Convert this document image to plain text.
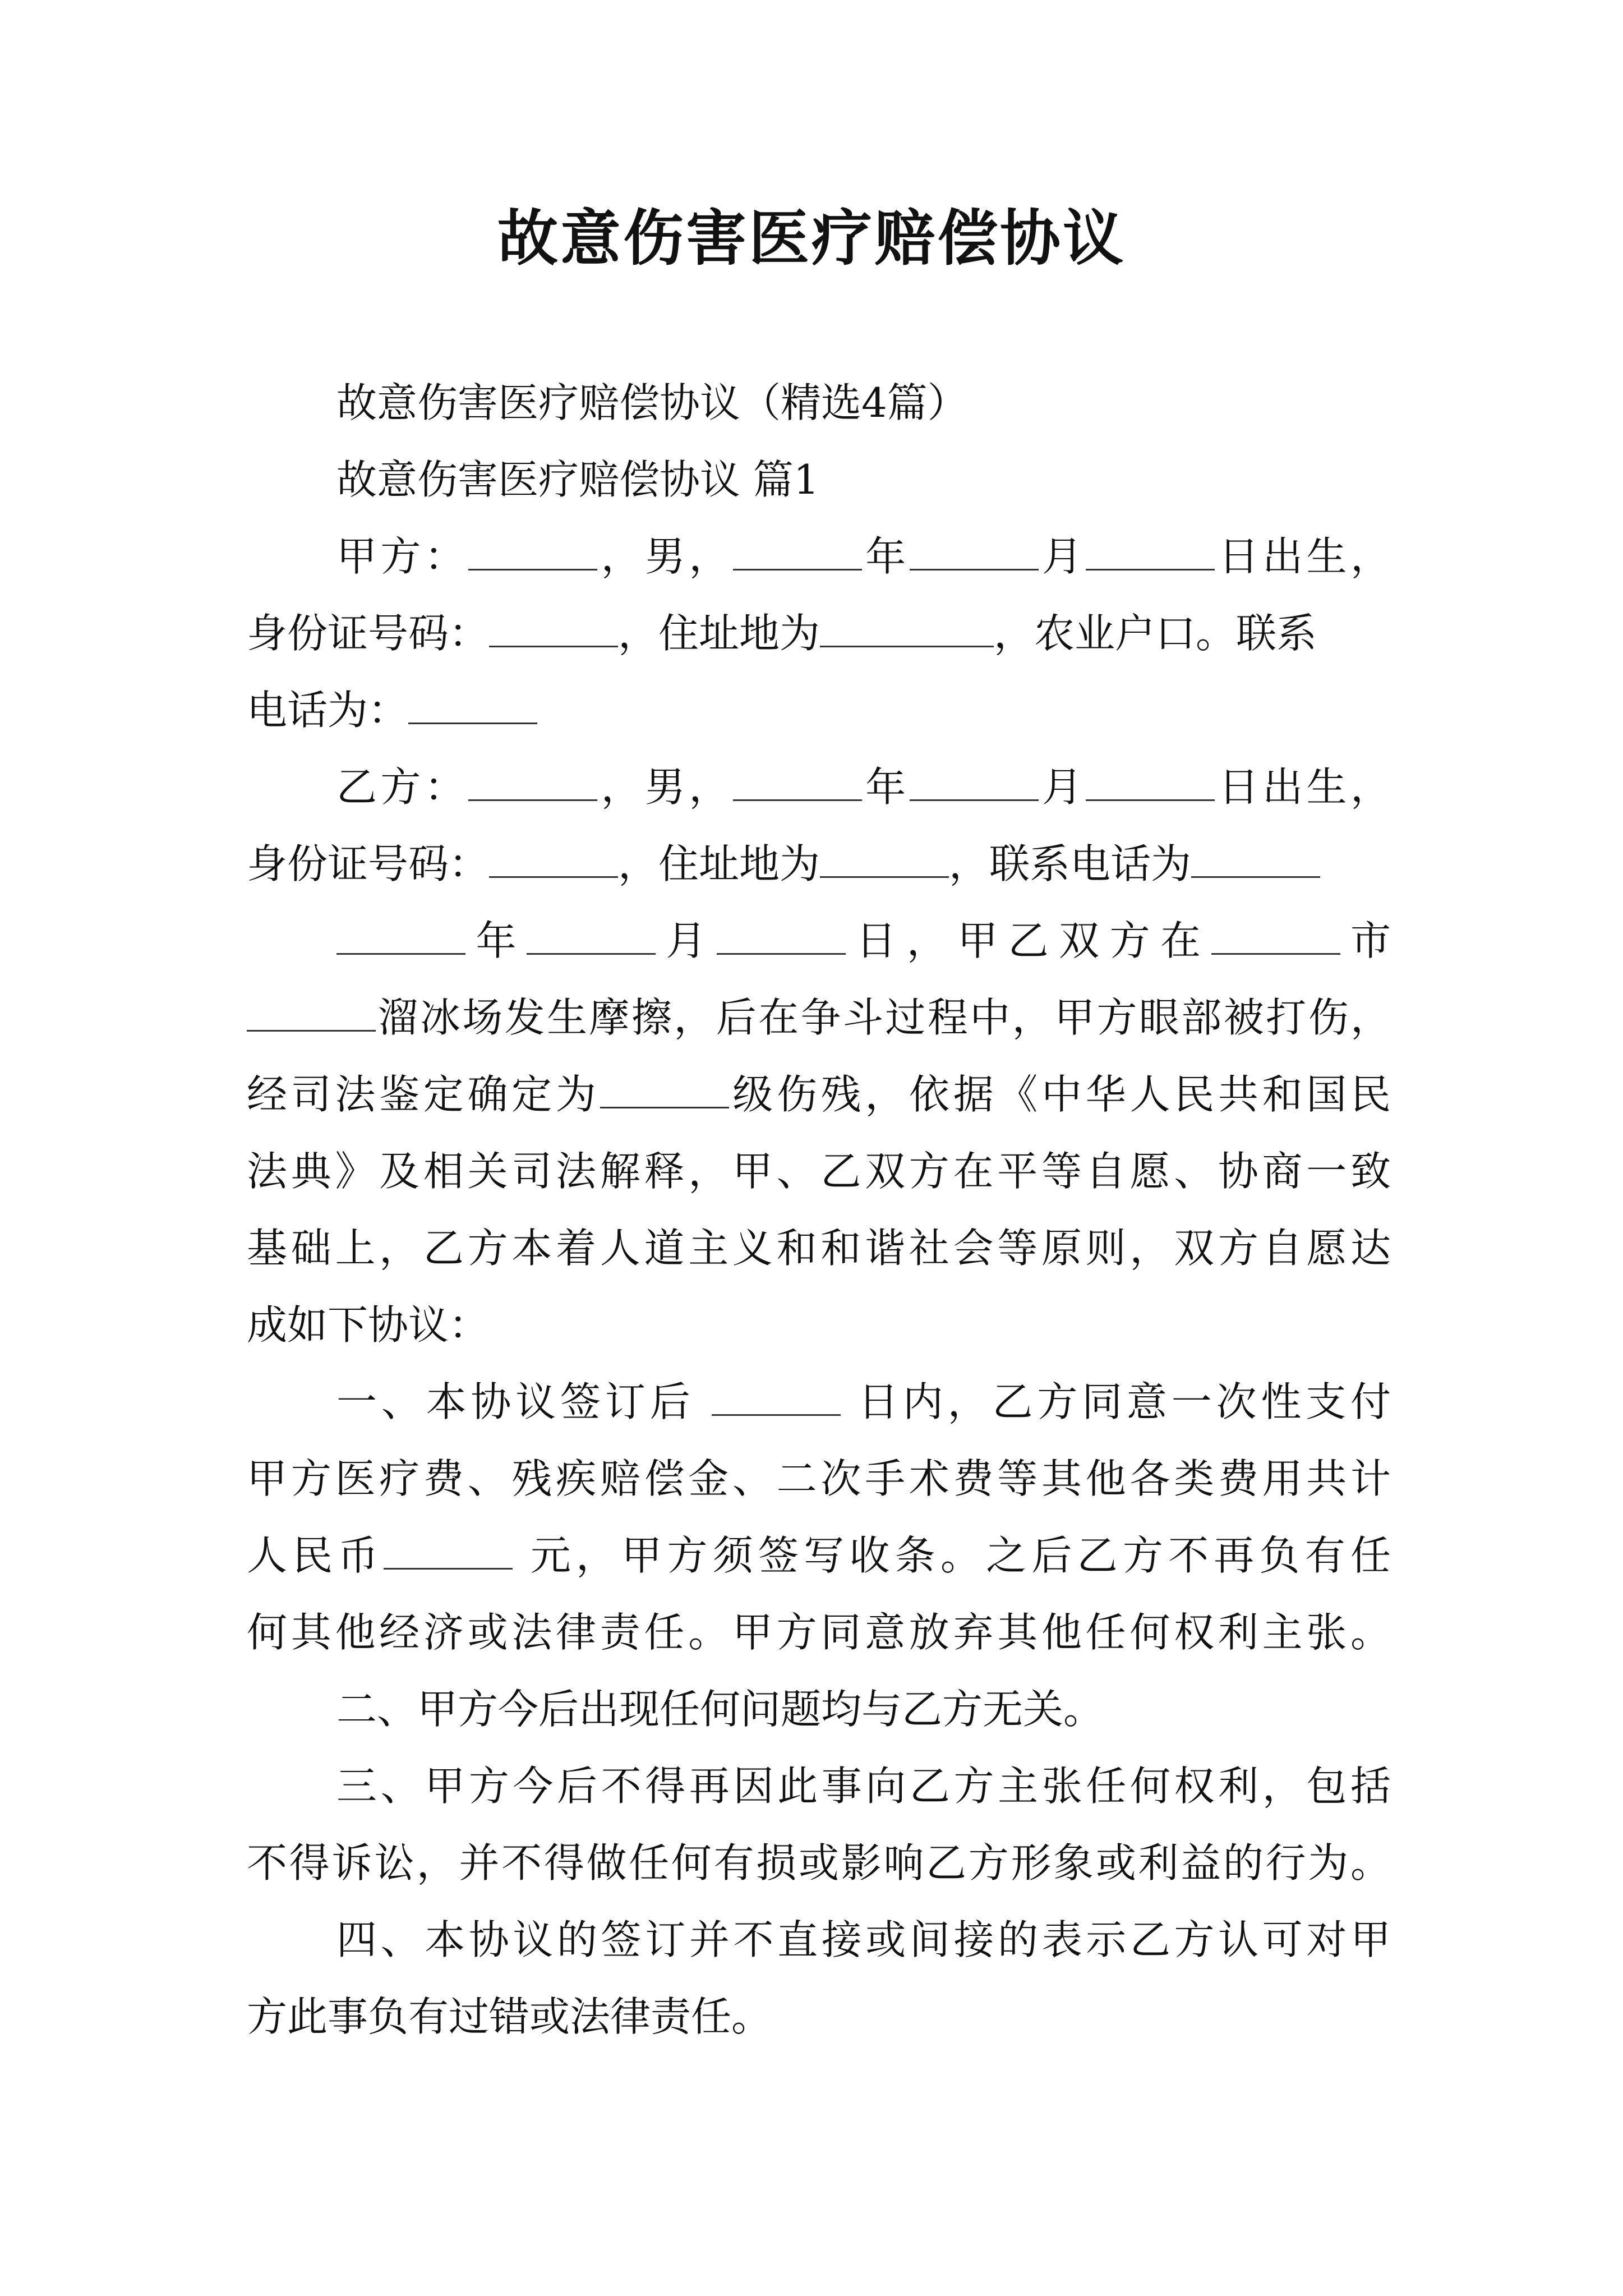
故意伤害医疗赔偿协议
故意伤害医疗赔偿协议（精选4篇）
故意伤害医疗赔偿协议 篇1
甲方：	，男，	年	月	日出生，
身份证号码：	，住址地为	，农业户口。联系
电话为：
乙方：	，男，	年	月	日出生，
身份证号码：	，住址地为	，联系电话为
年	月	日，甲乙双方在	市
溜冰场发生摩擦，后在争斗过程中，甲方眼部被打伤，
经司法鉴定确定为	级伤残，依据《中华人民共和国民
法典》及相关司法解释，甲、乙双方在平等自愿、协商一致
基础上，乙方本着人道主义和和谐社会等原则，双方自愿达
成如下协议：
一、本协议签订后	日内，乙方同意一次性支付
甲方医疗费、残疾赔偿金、二次手术费等其他各类费用共计
人民币	元，甲方须签写收条。之后乙方不再负有任
何其他经济或法律责任。甲方同意放弃其他任何权利主张。
二、甲方今后出现任何问题均与乙方无关。
三、甲方今后不得再因此事向乙方主张任何权利，包括
不得诉讼，并不得做任何有损或影响乙方形象或利益的行为。
四、本协议的签订并不直接或间接的表示乙方认可对甲
方此事负有过错或法律责任。
